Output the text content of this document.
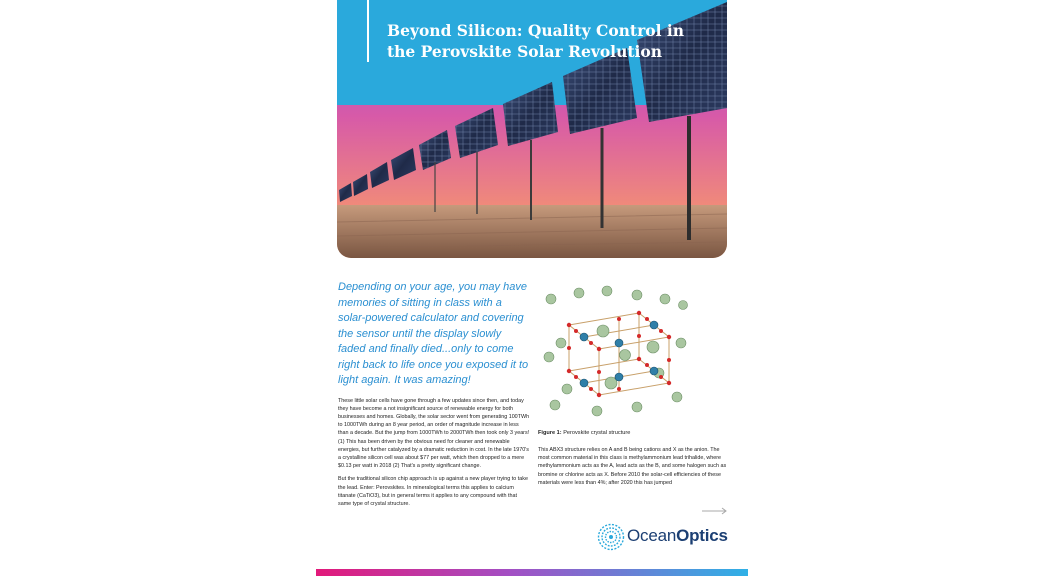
Beyond Silicon: Quality Control in the Perovskite Solar Revolution

Depending on your age, you may have memories of sitting in class with a solar-powered calculator and covering the sensor until the display slowly faded and finally died...only to come right back to life once you exposed it to light again. It was amazing!

These little solar cells have gone through a few updates since then, and today they have become a not insignificant source of renewable energy for both businesses and homes. Globally, the solar sector went from generating 100TWh to 1000TWh during an 8 year period, an order of magnitude increase in less than a decade. But the jump from 1000TWh to 2000TWh then took only 3 years! (1) This has been driven by the obvious need for cleaner and renewable energies, but further catalyzed by a dramatic reduction in cost. In the late 1970's a crystalline silicon cell was about $77 per watt, which then dropped to a mere $0.13 per watt in 2018 (2) That's a pretty significant change.

But the traditional silicon chip approach is up against a new player trying to take the lead. Enter: Perovskites. In mineralogical terms this applies to calcium titanate (CaTiO3), but in general terms it applies to any compound with that same type of crystal structure.

Figure 1: Perovskite crystal structure

This ABX3 structure relies on A and B being cations and X as the anion. The most common material in this class is methylammonium lead trihalide, where methylammonium acts as the A, lead acts as the B, and some halogen such as bromine or chlorine acts as X. Before 2010 the solar-cell efficiencies of these materials were less than 4%; after 2020 this has jumped

OceanOptics
